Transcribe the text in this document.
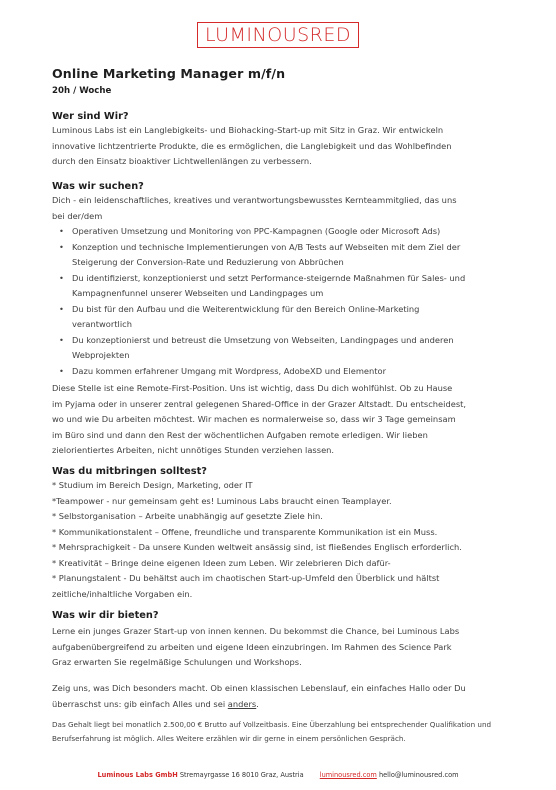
LUMINOUSRED
Online Marketing Manager m/f/n
20h / Woche
Wer sind Wir?
Luminous Labs ist ein Langlebigkeits- und Biohacking-Start-up mit Sitz in Graz. Wir entwickeln
innovative lichtzentrierte Produkte, die es ermöglichen, die Langlebigkeit und das Wohlbefinden
durch den Einsatz bioaktiver Lichtwellenlängen zu verbessern.
Was wir suchen?
Dich - ein leidenschaftliches, kreatives und verantwortungsbewusstes Kernteammitglied, das uns
bei der/dem
• Operativen Umsetzung und Monitoring von PPC-Kampagnen (Google oder Microsoft Ads)
• Konzeption und technische Implementierungen von A/B Tests auf Webseiten mit dem Ziel der
Steigerung der Conversion-Rate und Reduzierung von Abbrüchen
• Du identifizierst, konzeptionierst und setzt Performance-steigernde Maßnahmen für Sales- und
Kampagnenfunnel unserer Webseiten und Landingpages um
• Du bist für den Aufbau und die Weiterentwicklung für den Bereich Online-Marketing
verantwortlich
• Du konzeptionierst und betreust die Umsetzung von Webseiten, Landingpages und anderen
Webprojekten
• Dazu kommen erfahrener Umgang mit Wordpress, AdobeXD und Elementor
Diese Stelle ist eine Remote-First-Position. Uns ist wichtig, dass Du dich wohlfühlst. Ob zu Hause
im Pyjama oder in unserer zentral gelegenen Shared-Office in der Grazer Altstadt. Du entscheidest,
wo und wie Du arbeiten möchtest. Wir machen es normalerweise so, dass wir 3 Tage gemeinsam
im Büro sind und dann den Rest der wöchentlichen Aufgaben remote erledigen. Wir lieben
zielorientiertes Arbeiten, nicht unnötiges Stunden verziehen lassen.
Was du mitbringen solltest?
* Studium im Bereich Design, Marketing, oder IT
*Teampower - nur gemeinsam geht es! Luminous Labs braucht einen Teamplayer.
* Selbstorganisation – Arbeite unabhängig auf gesetzte Ziele hin.
* Kommunikationstalent – Offene, freundliche und transparente Kommunikation ist ein Muss.
* Mehrsprachigkeit - Da unsere Kunden weltweit ansässig sind, ist fließendes Englisch erforderlich.
* Kreativität – Bringe deine eigenen Ideen zum Leben. Wir zelebrieren Dich dafür-
* Planungstalent - Du behältst auch im chaotischen Start-up-Umfeld den Überblick und hältst
zeitliche/inhaltliche Vorgaben ein.
Was wir dir bieten?
Lerne ein junges Grazer Start-up von innen kennen. Du bekommst die Chance, bei Luminous Labs
aufgabenübergreifend zu arbeiten und eigene Ideen einzubringen. Im Rahmen des Science Park
Graz erwarten Sie regelmäßige Schulungen und Workshops.
Zeig uns, was Dich besonders macht. Ob einen klassischen Lebenslauf, ein einfaches Hallo oder Du
überraschst uns: gib einfach Alles und sei anders.
Das Gehalt liegt bei monatlich 2.500,00 € Brutto auf Vollzeitbasis. Eine Überzahlung bei entsprechender Qualifikation und
Berufserfahrung ist möglich. Alles Weitere erzählen wir dir gerne in einem persönlichen Gespräch.
Luminous Labs GmbH Stremayrgasse 16 8010 Graz, Austria luminousred.com hello@luminousred.com
